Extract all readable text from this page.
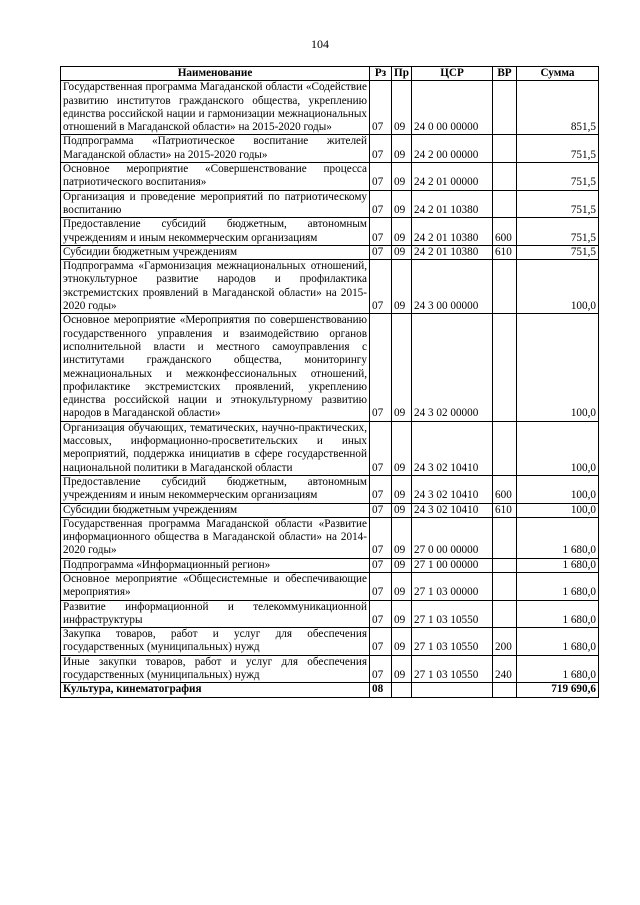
104
Наименование	Рз	Пр	ЦСР	ВР	Сумма
Государственная программа Магаданской области «Содействие развитию институтов гражданского общества, укреплению единства российской нации и гармонизации межнациональных отношений в Магаданской области» на 2015-2020 годы»	07	09	24 0 00 00000		851,5
Подпрограмма «Патриотическое воспитание жителей Магаданской области» на 2015-2020 годы»	07	09	24 2 00 00000		751,5
Основное мероприятие «Совершенствование процесса патриотического воспитания»	07	09	24 2 01 00000		751,5
Организация и проведение мероприятий по патриотическому воспитанию	07	09	24 2 01 10380		751,5
Предоставление субсидий бюджетным, автономным учреждениям и иным некоммерческим организациям	07	09	24 2 01 10380	600	751,5
Субсидии бюджетным учреждениям	07	09	24 2 01 10380	610	751,5
Подпрограмма «Гармонизация межнациональных отношений, этнокультурное развитие народов и профилактика экстремистских проявлений в Магаданской области» на 2015-2020 годы»	07	09	24 3 00 00000		100,0
Основное мероприятие «Мероприятия по совершенствованию государственного управления и взаимодействию органов исполнительной власти и местного самоуправления с институтами гражданского общества, мониторингу межнациональных и межконфессиональных отношений, профилактике экстремистских проявлений, укреплению единства российской нации и этнокультурному развитию народов в Магаданской области»	07	09	24 3 02 00000		100,0
Организация обучающих, тематических, научно-практических, массовых, информационно-просветительских и иных мероприятий, поддержка инициатив в сфере государственной национальной политики в Магаданской области	07	09	24 3 02 10410		100,0
Предоставление субсидий бюджетным, автономным учреждениям и иным некоммерческим организациям	07	09	24 3 02 10410	600	100,0
Субсидии бюджетным учреждениям	07	09	24 3 02 10410	610	100,0
Государственная программа Магаданской области «Развитие информационного общества в Магаданской области» на 2014-2020 годы»	07	09	27 0 00 00000		1 680,0
Подпрограмма «Информационный регион»	07	09	27 1 00 00000		1 680,0
Основное мероприятие «Общесистемные и обеспечивающие мероприятия»	07	09	27 1 03 00000		1 680,0
Развитие информационной и телекоммуникационной инфраструктуры	07	09	27 1 03 10550		1 680,0
Закупка товаров, работ и услуг для обеспечения государственных (муниципальных) нужд	07	09	27 1 03 10550	200	1 680,0
Иные закупки товаров, работ и услуг для обеспечения государственных (муниципальных) нужд	07	09	27 1 03 10550	240	1 680,0
Культура, кинематография	08				719 690,6
